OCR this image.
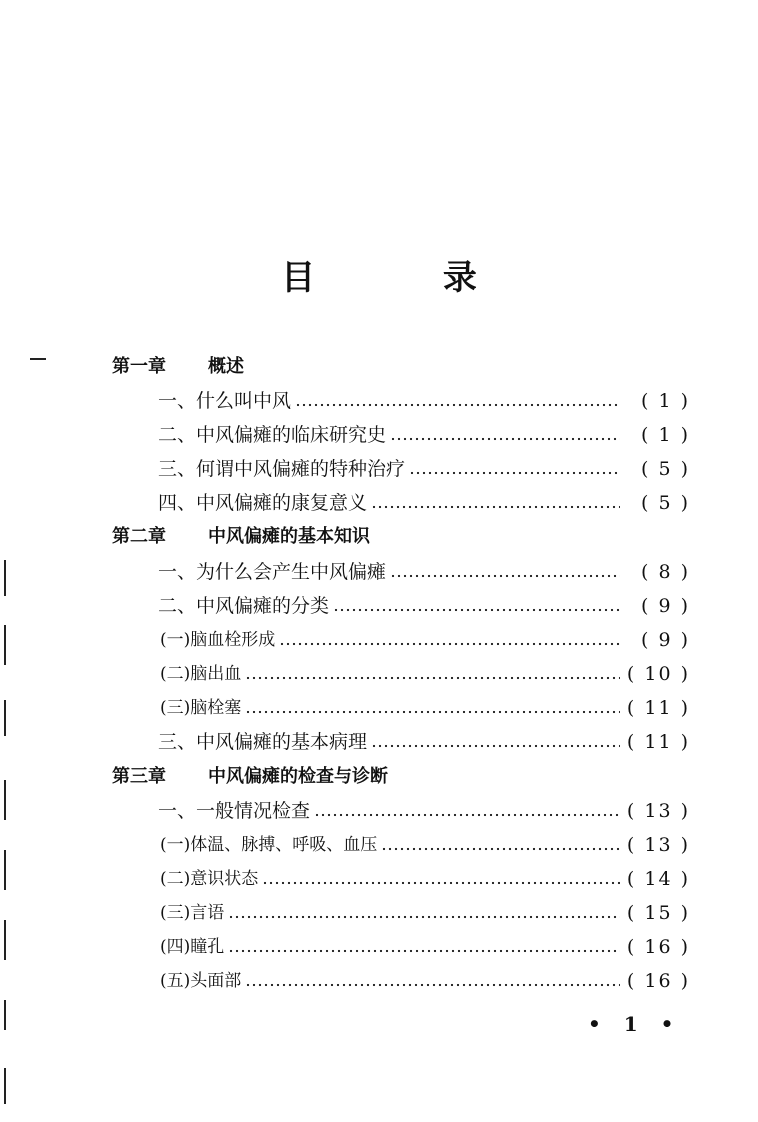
目 录
第一章 概述
一、什么叫中风	( 1 )
二、中风偏瘫的临床研究史	( 1 )
三、何谓中风偏瘫的特种治疗	( 5 )
四、中风偏瘫的康复意义	( 5 )
第二章 中风偏瘫的基本知识
一、为什么会产生中风偏瘫	( 8 )
二、中风偏瘫的分类	( 9 )
(一)脑血栓形成	( 9 )
(二)脑出血	( 10 )
(三)脑栓塞	( 11 )
三、中风偏瘫的基本病理	( 11 )
第三章 中风偏瘫的检查与诊断
一、一般情况检查	( 13 )
(一)体温、脉搏、呼吸、血压	( 13 )
(二)意识状态	( 14 )
(三)言语	( 15 )
(四)瞳孔	( 16 )
(五)头面部	( 16 )
• 1 •
